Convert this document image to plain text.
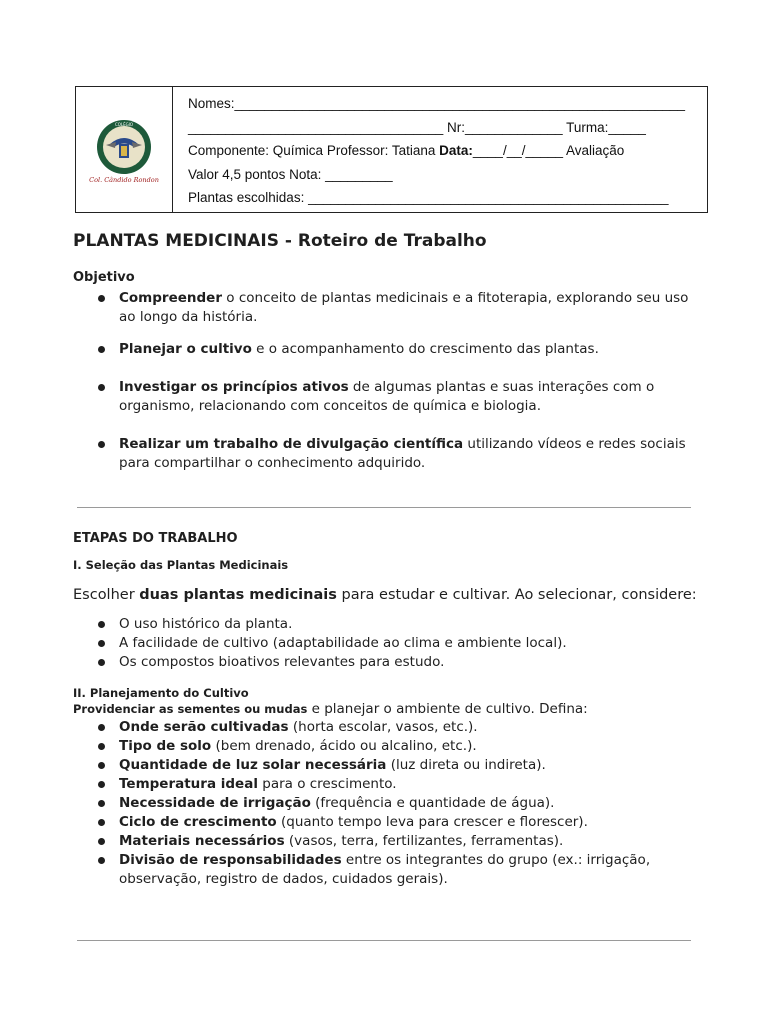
Col. Cândido Rondon
COLÉGIO
Nomes:____________________________________________________________
__________________________________ Nr:_____________ Turma:_____
Componente: Química Professor: Tatiana Data:____/__/_____ Avaliação
Valor 4,5 pontos Nota: _________
Plantas escolhidas: ________________________________________________
PLANTAS MEDICINAIS - Roteiro de Trabalho

Objetivo

Compreender o conceito de plantas medicinais e a fitoterapia, explorando seu uso ao longo da história.
Planejar o cultivo e o acompanhamento do crescimento das plantas.
Investigar os princípios ativos de algumas plantas e suas interações com o organismo, relacionando com conceitos de química e biologia.
Realizar um trabalho de divulgação científica utilizando vídeos e redes sociais para compartilhar o conhecimento adquirido.

ETAPAS DO TRABALHO

I. Seleção das Plantas Medicinais

Escolher duas plantas medicinais para estudar e cultivar. Ao selecionar, considere:

O uso histórico da planta.
A facilidade de cultivo (adaptabilidade ao clima e ambiente local).
Os compostos bioativos relevantes para estudo.

II. Planejamento do Cultivo

Providenciar as sementes ou mudas e planejar o ambiente de cultivo. Defina:

Onde serão cultivadas (horta escolar, vasos, etc.).
Tipo de solo (bem drenado, ácido ou alcalino, etc.).
Quantidade de luz solar necessária (luz direta ou indireta).
Temperatura ideal para o crescimento.
Necessidade de irrigação (frequência e quantidade de água).
Ciclo de crescimento (quanto tempo leva para crescer e florescer).
Materiais necessários (vasos, terra, fertilizantes, ferramentas).
Divisão de responsabilidades entre os integrantes do grupo (ex.: irrigação, observação, registro de dados, cuidados gerais).
